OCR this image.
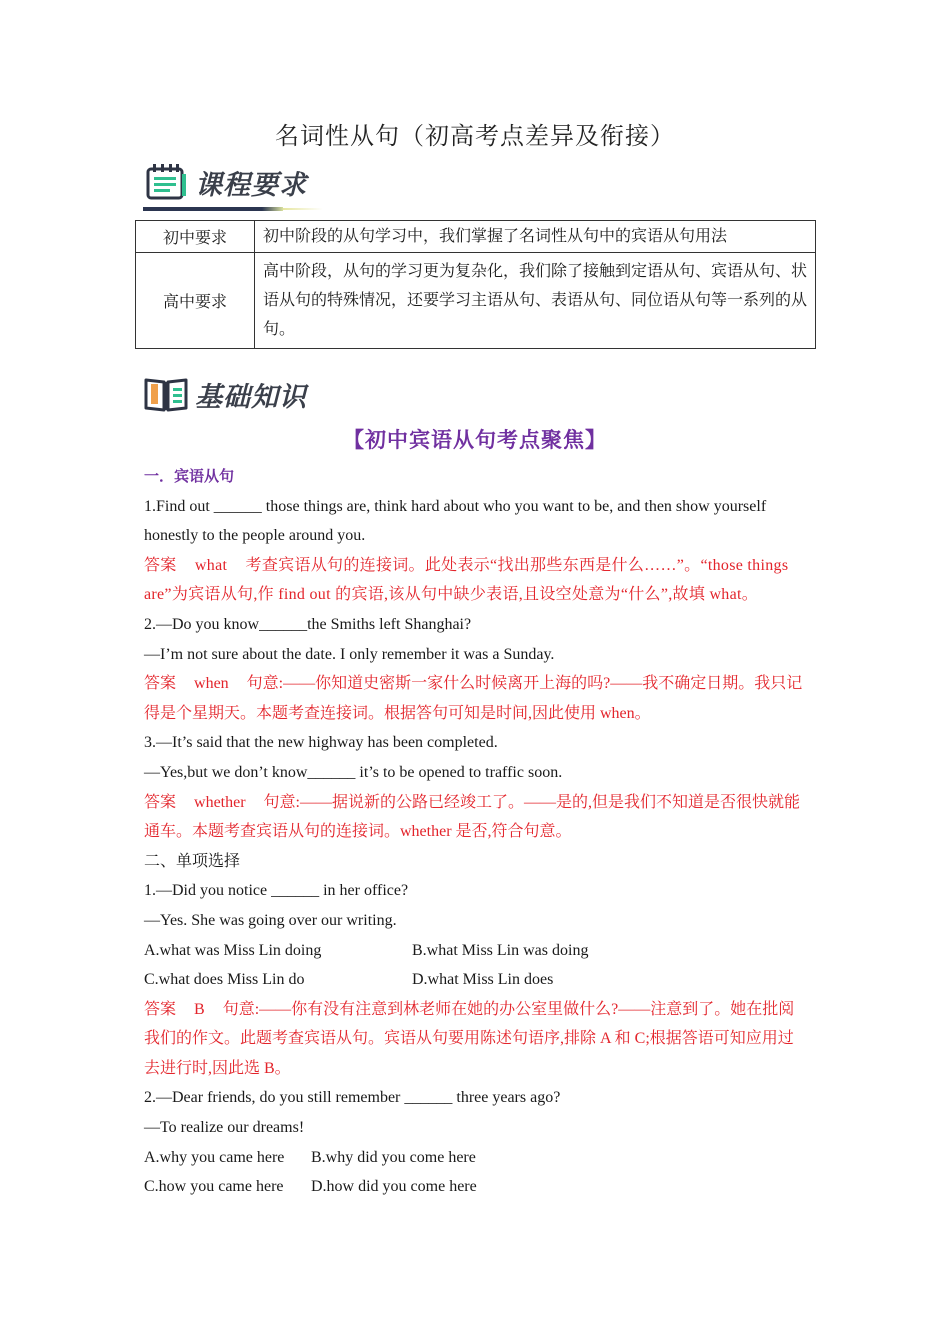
名词性从句（初高考点差异及衔接）
课程要求
初中要求	初中阶段的从句学习中，我们掌握了名词性从句中的宾语从句用法
高中要求	高中阶段，从句的学习更为复杂化，我们除了接触到定语从句、宾语从句、状语从句的特殊情况，还要学习主语从句、表语从句、同位语从句等一系列的从句。
基础知识
【初中宾语从句考点聚焦】

一．宾语从句

1.Find out ______ those things are, think hard about who you want to be, and then show yourself honestly to the people around you.

答案 what 考查宾语从句的连接词。此处表示“找出那些东西是什么……”。“those things are”为宾语从句,作 find out 的宾语,该从句中缺少表语,且设空处意为“什么”,故填 what。

2.—Do you know______the Smiths left Shanghai?

—I’m not sure about the date. I only remember it was a Sunday.

答案 when 句意:——你知道史密斯一家什么时候离开上海的吗?——我不确定日期。我只记得是个星期天。本题考查连接词。根据答句可知是时间,因此使用 when。

3.—It’s said that the new highway has been completed.

—Yes,but we don’t know______ it’s to be opened to traffic soon.

答案 whether 句意:——据说新的公路已经竣工了。——是的,但是我们不知道是否很快就能通车。本题考查宾语从句的连接词。whether 是否,符合句意。

二、单项选择

1.—Did you notice ______ in her office?

—Yes. She was going over our writing.

A.what was Miss Lin doing	B.what Miss Lin was doing
C.what does Miss Lin do	D.what Miss Lin does

答案 B 句意:——你有没有注意到林老师在她的办公室里做什么?——注意到了。她在批阅我们的作文。此题考查宾语从句。宾语从句要用陈述句语序,排除 A 和 C;根据答语可知应用过去进行时,因此选 B。

2.—Dear friends, do you still remember ______ three years ago?

—To realize our dreams!

A.why you came here	B.why did you come here
C.how you came here	D.how did you come here
